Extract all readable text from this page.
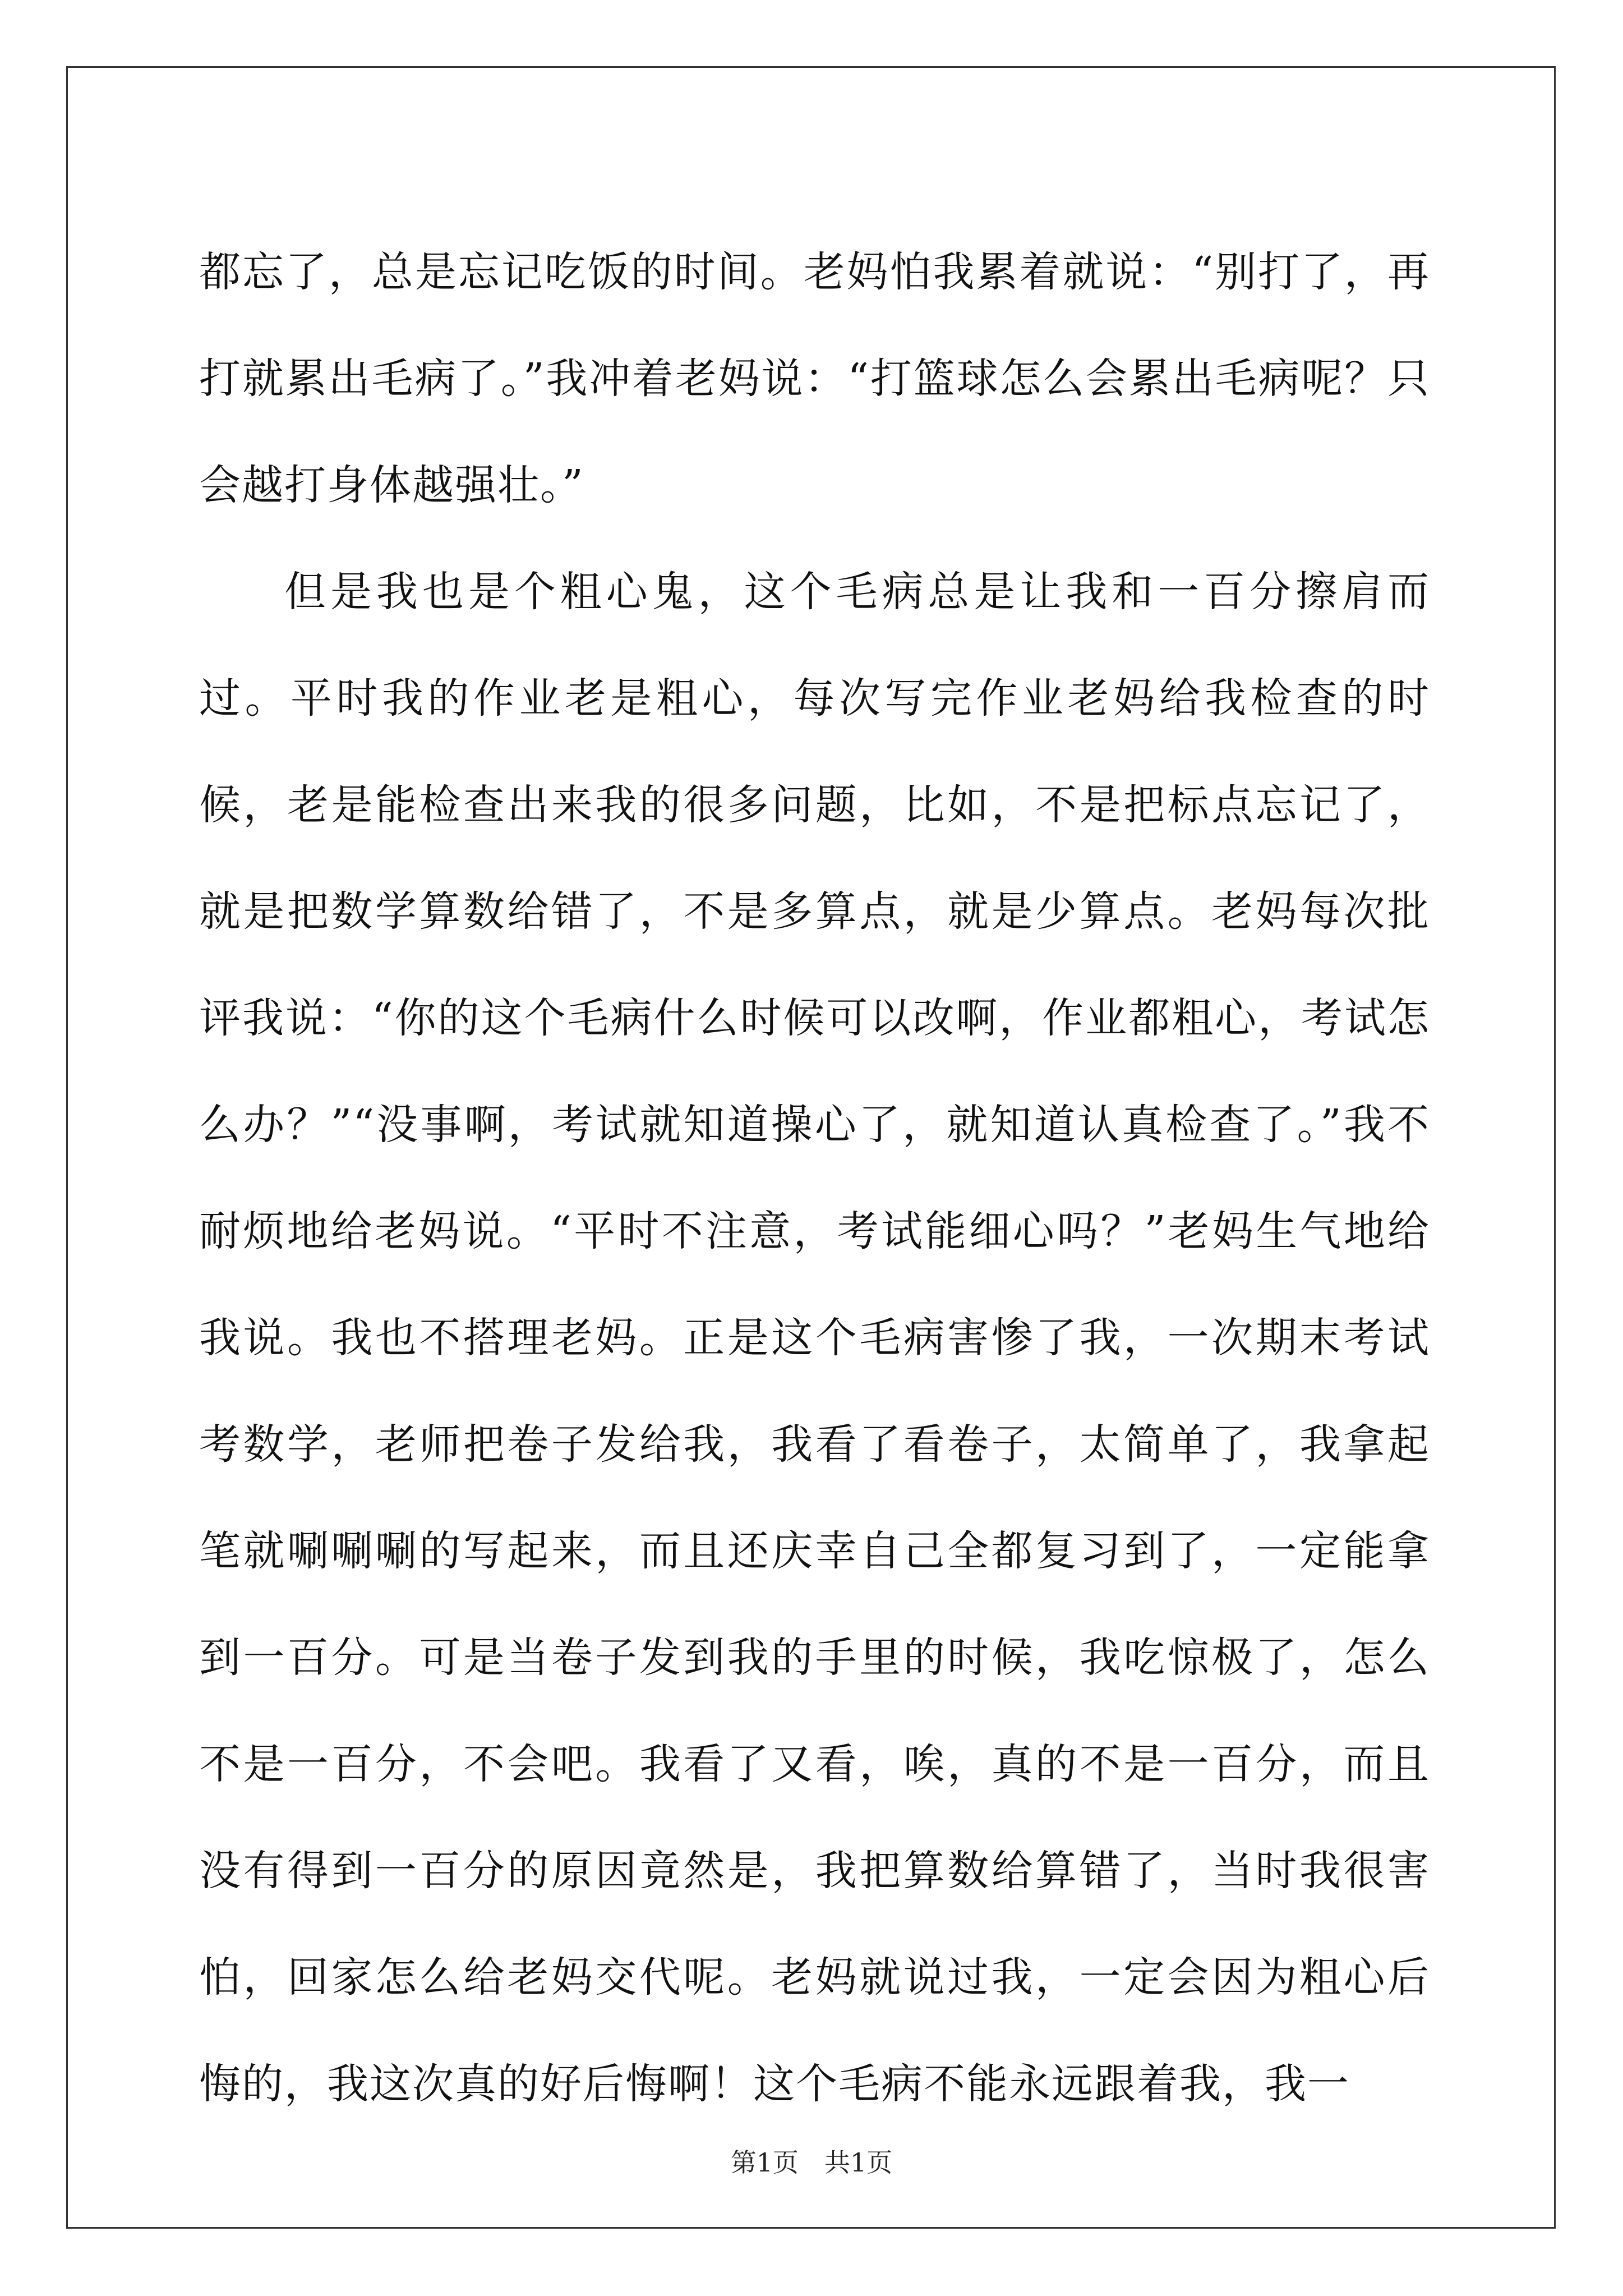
都忘了，总是忘记吃饭的时间。老妈怕我累着就说：“别打了，再打就累出毛病了。”我冲着老妈说：“打篮球怎么会累出毛病呢？只会越打身体越强壮。”

但是我也是个粗心鬼，这个毛病总是让我和一百分擦肩而过。平时我的作业老是粗心，每次写完作业老妈给我检查的时候，老是能检查出来我的很多问题，比如，不是把标点忘记了，就是把数学算数给错了，不是多算点，就是少算点。老妈每次批评我说：“你的这个毛病什么时候可以改啊，作业都粗心，考试怎么办？”“没事啊，考试就知道操心了，就知道认真检查了。”我不耐烦地给老妈说。“平时不注意，考试能细心吗？”老妈生气地给我说。我也不搭理老妈。正是这个毛病害惨了我，一次期末考试考数学，老师把卷子发给我，我看了看卷子，太简单了，我拿起笔就唰唰唰的写起来，而且还庆幸自己全都复习到了，一定能拿到一百分。可是当卷子发到我的手里的时候，我吃惊极了，怎么不是一百分，不会吧。我看了又看，唉，真的不是一百分，而且没有得到一百分的原因竟然是，我把算数给算错了，当时我很害怕，回家怎么给老妈交代呢。老妈就说过我，一定会因为粗心后悔的，我这次真的好后悔啊！这个毛病不能永远跟着我，我一

第1页 共1页
